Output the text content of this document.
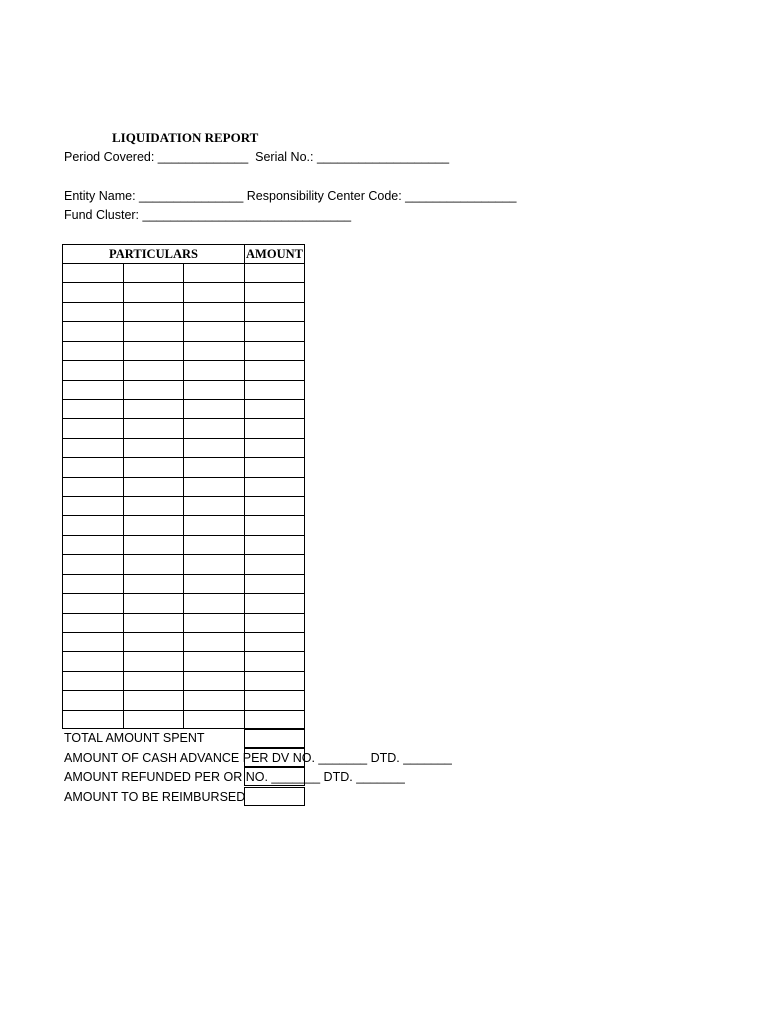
LIQUIDATION REPORT
Period Covered: _____________  Serial No.: ___________________
Entity Name: _______________ Responsibility Center Code: ________________
Fund Cluster: ______________________________
PARTICULARS	AMOUNT
TOTAL AMOUNT SPENT
AMOUNT OF CASH ADVANCE PER DV NO. _______ DTD. _______
AMOUNT REFUNDED PER OR NO. _______ DTD. _______
AMOUNT TO BE REIMBURSED
